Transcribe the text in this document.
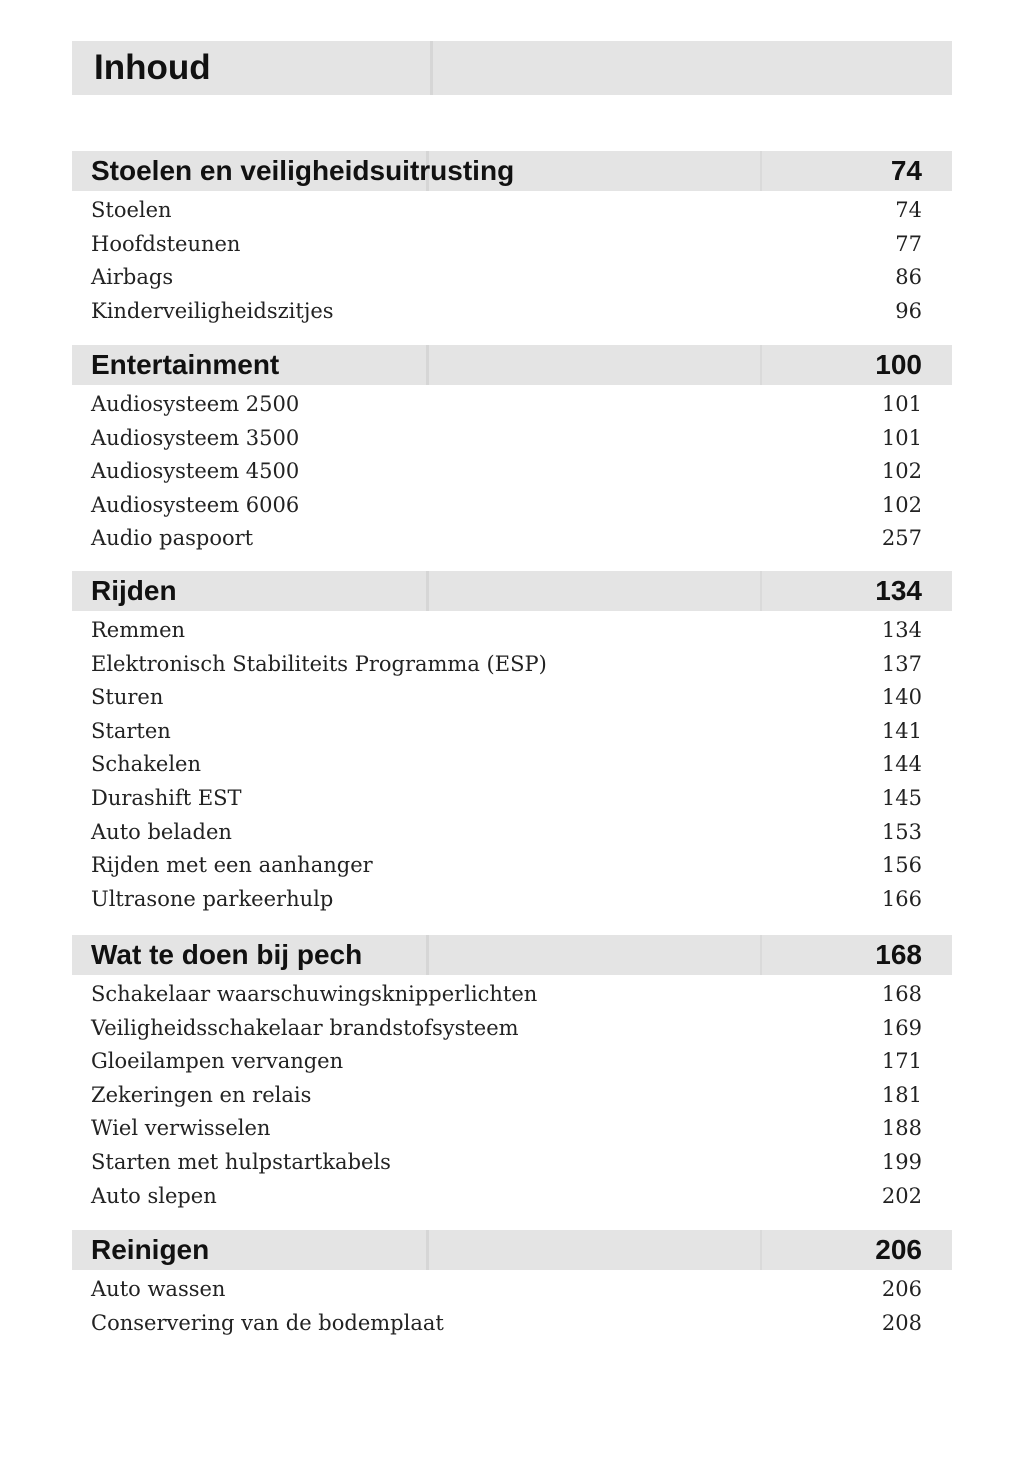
Inhoud
Stoelen en veiligheidsuitrusting	74
Stoelen	74
Hoofdsteunen	77
Airbags	86
Kinderveiligheidszitjes	96
Entertainment	100
Audiosysteem 2500	101
Audiosysteem 3500	101
Audiosysteem 4500	102
Audiosysteem 6006	102
Audio paspoort	257
Rijden	134
Remmen	134
Elektronisch Stabiliteits Programma (ESP)	137
Sturen	140
Starten	141
Schakelen	144
Durashift EST	145
Auto beladen	153
Rijden met een aanhanger	156
Ultrasone parkeerhulp	166
Wat te doen bij pech	168
Schakelaar waarschuwingsknipperlichten	168
Veiligheidsschakelaar brandstofsysteem	169
Gloeilampen vervangen	171
Zekeringen en relais	181
Wiel verwisselen	188
Starten met hulpstartkabels	199
Auto slepen	202
Reinigen	206
Auto wassen	206
Conservering van de bodemplaat	208
